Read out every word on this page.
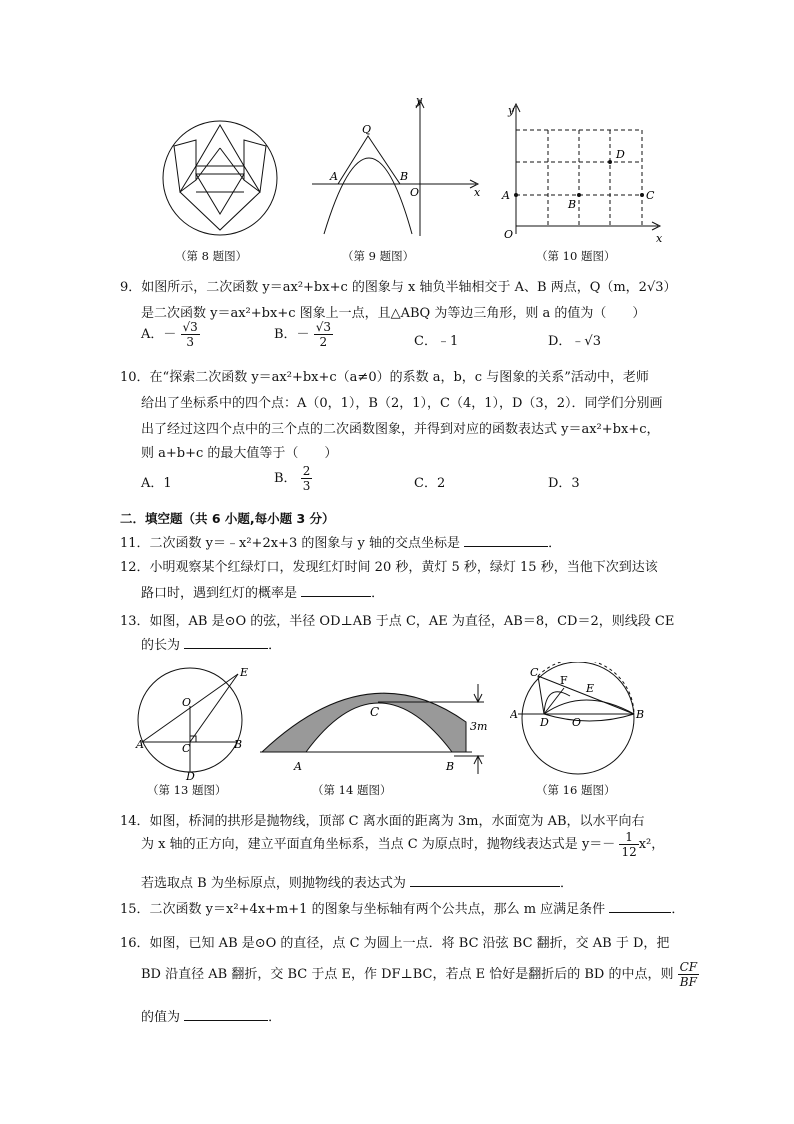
（第 8 题图）
y
x
Q
A	B
O
（第 9 题图）
y
x
O
A
B
C
D
（第 10 题图）
9．如图所示，二次函数 y＝ax²+bx+c 的图象与 x 轴负半轴相交于 A、B 两点，Q（m，2√3）
是二次函数 y＝ax²+bx+c 图象上一点，且△ABQ 为等边三角形，则 a 的值为（　　）
A．－ $\frac{√3}{3}$	B．－ $\frac{√3}{2}$	C．﹣1	D．﹣√3
10．在“探索二次函数 y＝ax²+bx+c（a≠0）的系数 a，b，c 与图象的关系”活动中，老师
给出了坐标系中的四个点：A（0，1），B（2，1），C（4，1），D（3，2）．同学们分别画
出了经过这四个点中的三个点的二次函数图象，并得到对应的函数表达式 y＝ax²+bx+c，
则 a+b+c 的最大值等于（　　）
A．1	B． $\frac{2}{3}$	C．2	D．3
二．填空题（共 6 小题,每小题 3 分）
11．二次函数 y＝﹣x²+2x+3 的图象与 y 轴的交点坐标是	．
12．小明观察某个红绿灯口，发现红灯时间 20 秒，黄灯 5 秒，绿灯 15 秒，当他下次到达该
路口时，遇到红灯的概率是	．
13．如图，AB 是⊙O 的弦，半径 OD⊥AB 于点 C，AE 为直径，AB＝8，CD＝2，则线段 CE
的长为	．
E
O
A	B
C
D
（第 13 题图）
C
A	B
3m
（第 14 题图）
C
F
E
A
D O
B
（第 16 题图）
14．如图，桥洞的拱形是抛物线，顶部 C 离水面的距离为 3m，水面宽为 AB，以水平向右
为 x 轴的正方向，建立平面直角坐标系，当点 C 为原点时，抛物线表达式是 $y=- \frac{1}{12} x^2$，
若选取点 B 为坐标原点，则抛物线的表达式为	．
15．二次函数 y＝x²+4x+m+1 的图象与坐标轴有两个公共点，那么 m 应满足条件	．
16．如图，已知 AB 是⊙O 的直径，点 C 为圆上一点．将 BC 沿弦 BC 翻折，交 AB 于 D，把
BD 沿直径 AB 翻折，交 BC 于点 E，作 DF⊥BC，若点 E 恰好是翻折后的 BD 的中点，则 $\frac{CF}{BF}$
的值为	．
